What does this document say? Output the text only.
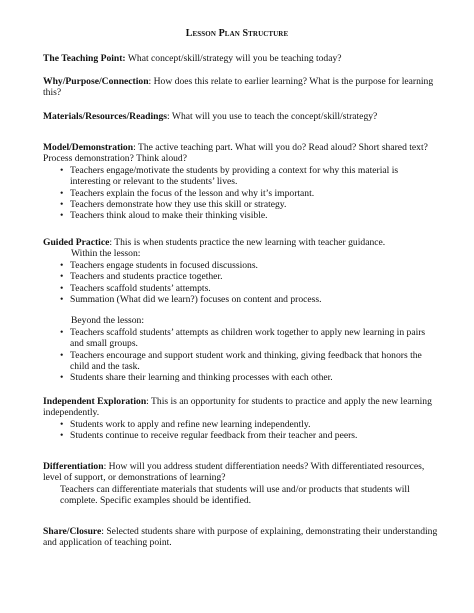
Lesson Plan Structure

The Teaching Point: What concept/skill/strategy will you be teaching today?

Why/Purpose/Connection: How does this relate to earlier learning? What is the purpose for learning this?

Materials/Resources/Readings: What will you use to teach the concept/skill/strategy?

Model/Demonstration: The active teaching part. What will you do? Read aloud? Short shared text? Process demonstration? Think aloud?

• Teachers engage/motivate the students by providing a context for why this material is interesting or relevant to the students’ lives.
• Teachers explain the focus of the lesson and why it’s important.
• Teachers demonstrate how they use this skill or strategy.
• Teachers think aloud to make their thinking visible.

Guided Practice: This is when students practice the new learning with teacher guidance.

Within the lesson:

• Teachers engage students in focused discussions.
• Teachers and students practice together.
• Teachers scaffold students’ attempts.
• Summation (What did we learn?) focuses on content and process.

Beyond the lesson:

• Teachers scaffold students’ attempts as children work together to apply new learning in pairs and small groups.
• Teachers encourage and support student work and thinking, giving feedback that honors the child and the task.
• Students share their learning and thinking processes with each other.

Independent Exploration: This is an opportunity for students to practice and apply the new learning independently.

• Students work to apply and refine new learning independently.
• Students continue to receive regular feedback from their teacher and peers.

Differentiation: How will you address student differentiation needs? With differentiated resources, level of support, or demonstrations of learning?

Teachers can differentiate materials that students will use and/or products that students will complete. Specific examples should be identified.

Share/Closure: Selected students share with purpose of explaining, demonstrating their understanding and application of teaching point.
